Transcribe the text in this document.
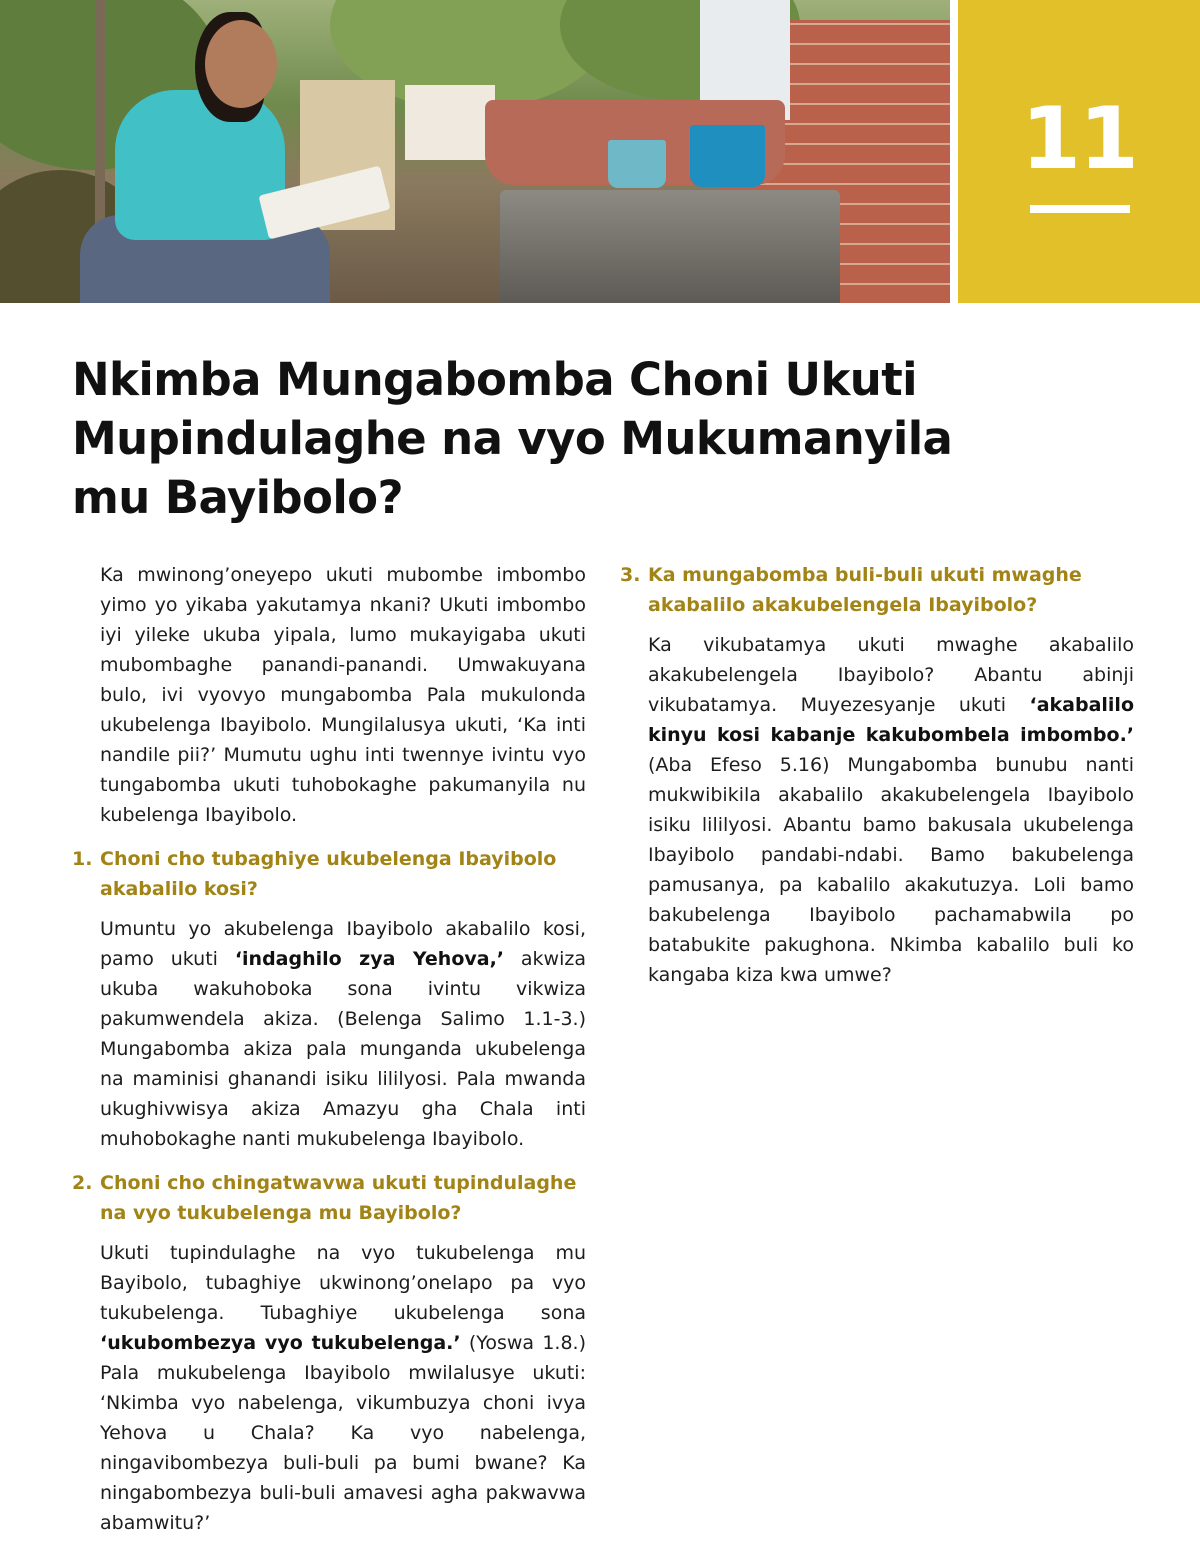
11
Nkimba Mungabomba Choni Ukuti Mupindulaghe na vyo Mukumanyila mu Bayibolo?

Ka mwinong’oneyepo ukuti mubombe imbombo yimo yo yikaba yakutamya nkani? Ukuti imbombo iyi yileke ukuba yipala, lumo mukayigaba ukuti mubombaghe panandi-panandi. Umwakuyana bulo, ivi vyovyo mungabomba Pala mukulonda ukubelenga Ibayibolo. Mungilalusya ukuti, ‘Ka inti nandile pii?’ Mumutu ughu inti twennye ivintu vyo tungabomba ukuti tuhobokaghe pakumanyila nu kubelenga Ibayibolo.

1. Choni cho tubaghiye ukubelenga Ibayibolo akabalilo kosi?

Umuntu yo akubelenga Ibayibolo akabalilo kosi, pamo ukuti ‘indaghilo zya Yehova,’ akwiza ukuba wakuhoboka sona ivintu vikwiza pakumwendela akiza. (Belenga Salimo 1.1-3.) Mungabomba akiza pala munganda ukubelenga na maminisi ghanandi isiku lililyosi. Pala mwanda ukughivwisya akiza Amazyu gha Chala inti muhobokaghe nanti mukubelenga Ibayibolo.

2. Choni cho chingatwavwa ukuti tupindulaghe na vyo tukubelenga mu Bayibolo?

Ukuti tupindulaghe na vyo tukubelenga mu Bayibolo, tubaghiye ukwinong’onelapo pa vyo tukubelenga. Tubaghiye ukubelenga sona ‘ukubombezya vyo tukubelenga.’ (Yoswa 1.8.) Pala mukubelenga Ibayibolo mwilalusye ukuti: ‘Nkimba vyo nabelenga, vikumbuzya choni ivya Yehova u Chala? Ka vyo nabelenga, ningavibombezya buli-buli pa bumi bwane? Ka ningabombezya buli-buli amavesi agha pakwavwa abamwitu?’

3. Ka mungabomba buli-buli ukuti mwaghe akabalilo akakubelengela Ibayibolo?

Ka vikubatamya ukuti mwaghe akabalilo akakubelengela Ibayibolo? Abantu abinji vikubatamya. Muyezesyanje ukuti ‘akabalilo kinyu kosi kabanje kakubombela imbombo.’ (Aba Efeso 5.16) Mungabomba bunubu nanti mukwibikila akabalilo akakubelengela Ibayibolo isiku lililyosi. Abantu bamo bakusala ukubelenga Ibayibolo pandabi-ndabi. Bamo bakubelenga pamusanya, pa kabalilo akakutuzya. Loli bamo bakubelenga Ibayibolo pachamabwila po batabukite pakughona. Nkimba kabalilo buli ko kangaba kiza kwa umwe?
